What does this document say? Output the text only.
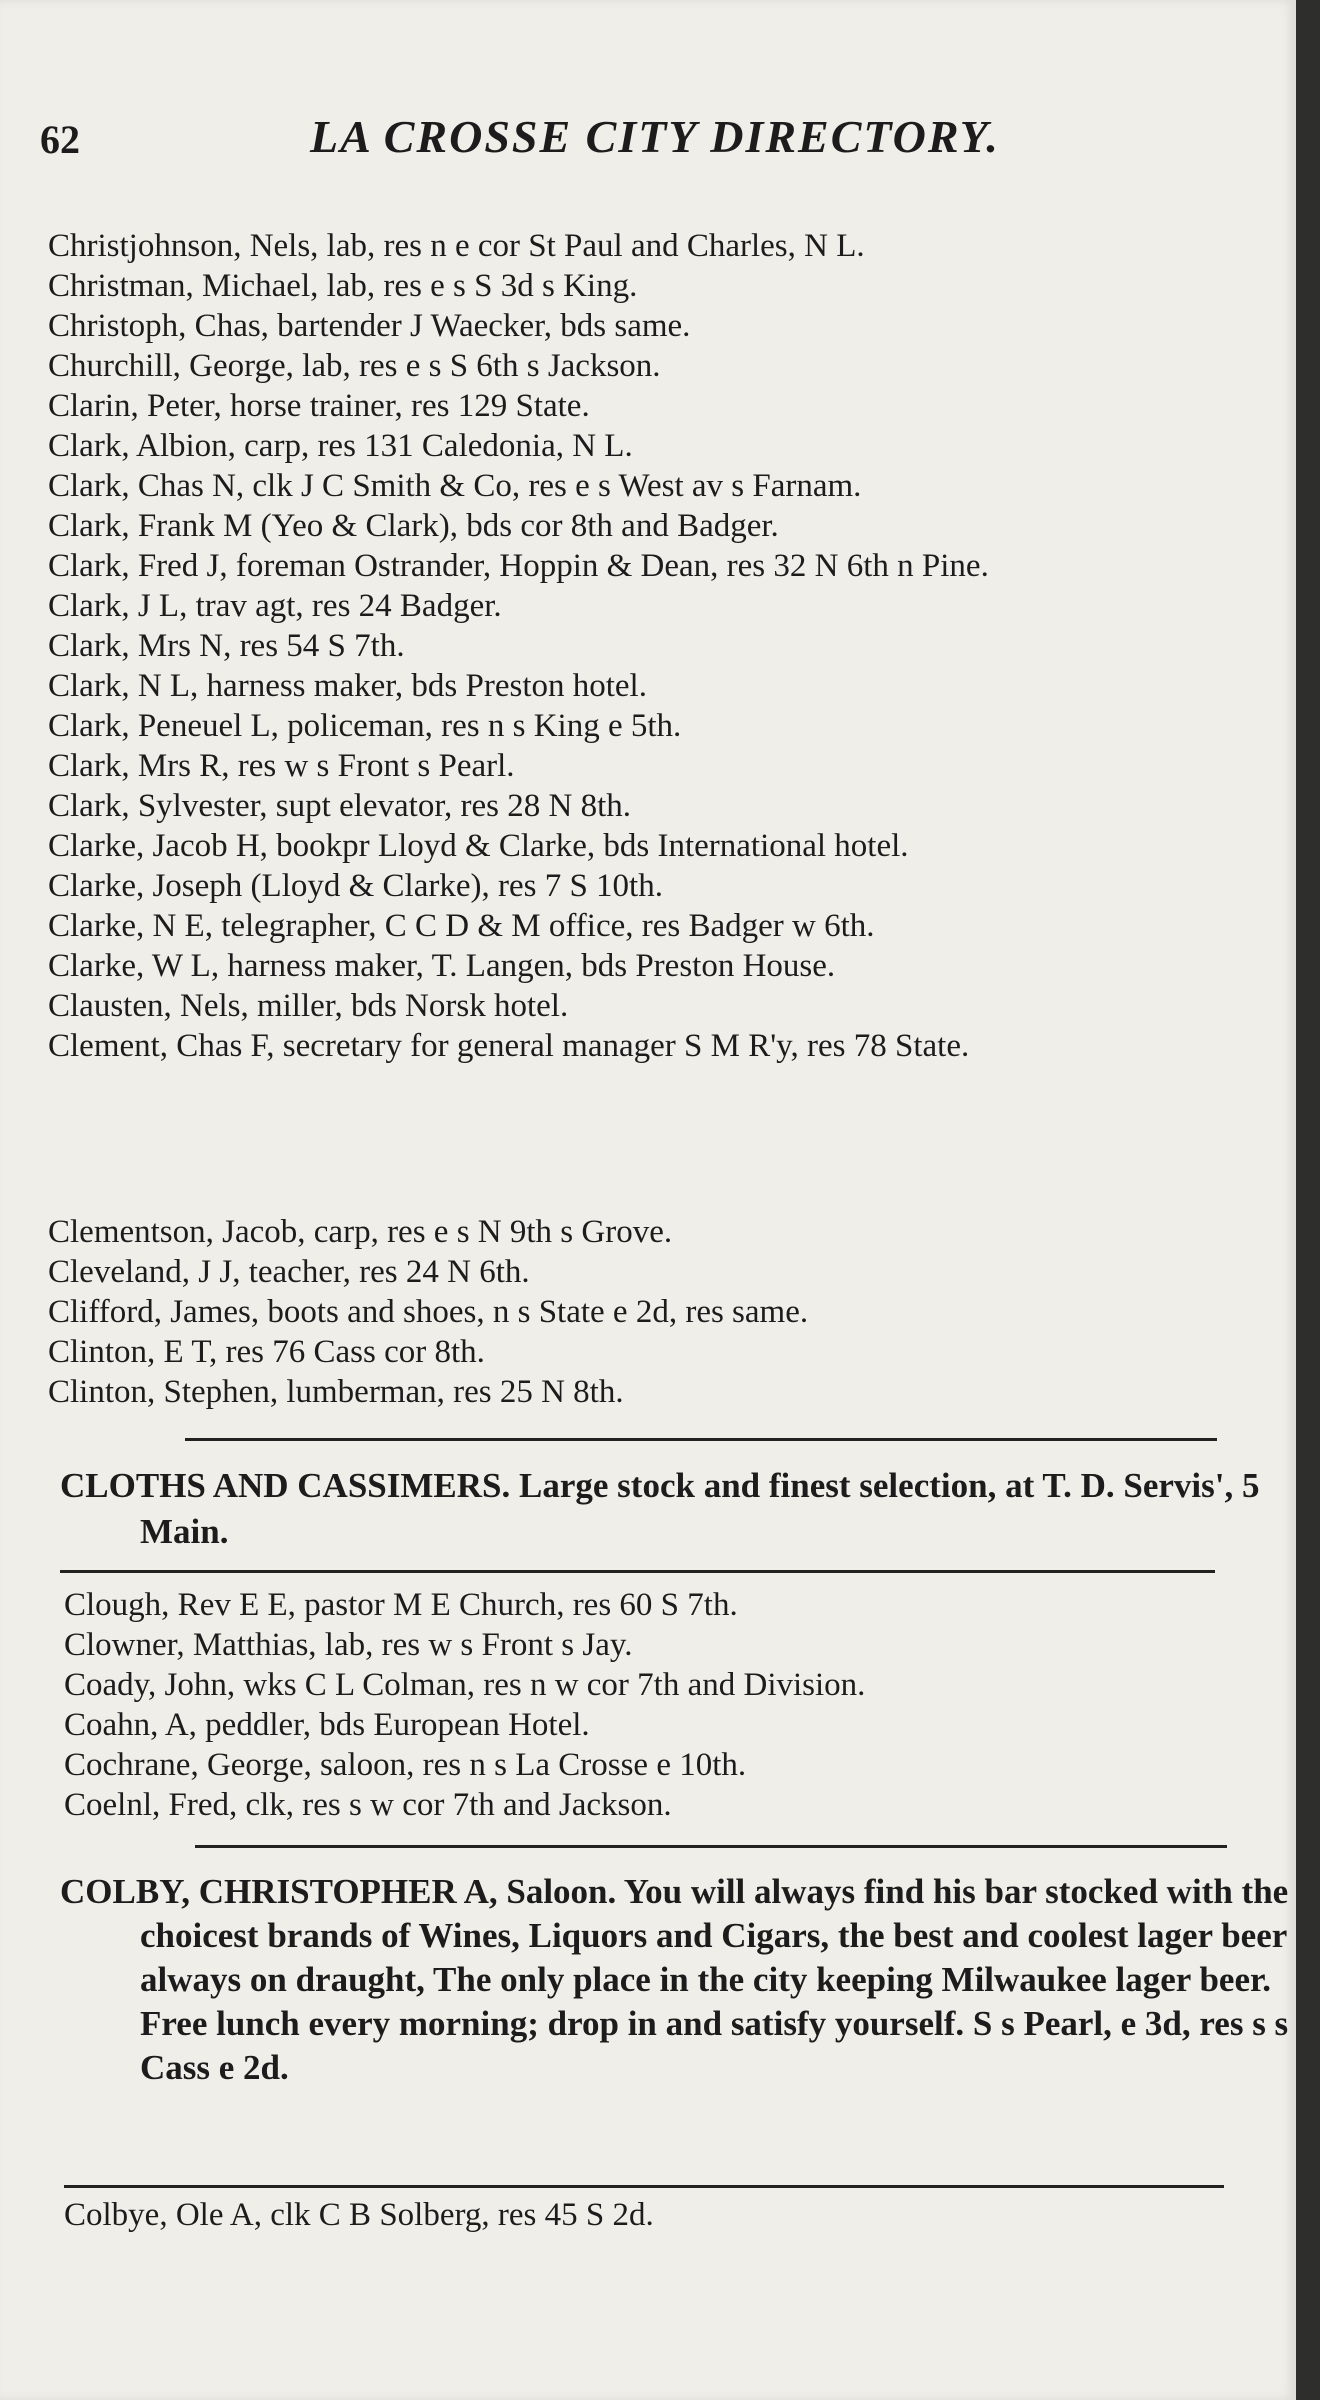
62	LA CROSSE CITY DIRECTORY.
Christjohnson, Nels, lab, res n e cor St Paul and Charles, N L.
Christman, Michael, lab, res e s S 3d s King.
Christoph, Chas, bartender J Waecker, bds same.
Churchill, George, lab, res e s S 6th s Jackson.
Clarin, Peter, horse trainer, res 129 State.
Clark, Albion, carp, res 131 Caledonia, N L.
Clark, Chas N, clk J C Smith & Co, res e s West av s Farnam.
Clark, Frank M (Yeo & Clark), bds cor 8th and Badger.
Clark, Fred J, foreman Ostrander, Hoppin & Dean, res 32 N 6th n Pine.
Clark, J L, trav agt, res 24 Badger.
Clark, Mrs N, res 54 S 7th.
Clark, N L, harness maker, bds Preston hotel.
Clark, Peneuel L, policeman, res n s King e 5th.
Clark, Mrs R, res w s Front s Pearl.
Clark, Sylvester, supt elevator, res 28 N 8th.
Clarke, Jacob H, bookpr Lloyd & Clarke, bds International hotel.
Clarke, Joseph (Lloyd & Clarke), res 7 S 10th.
Clarke, N E, telegrapher, C C D & M office, res Badger w 6th.
Clarke, W L, harness maker, T. Langen, bds Preston House.
Clausten, Nels, miller, bds Norsk hotel.
Clement, Chas F, secretary for general manager S M R'y, res 78 State.
Clementson, Jacob, carp, res e s N 9th s Grove.
Cleveland, J J, teacher, res 24 N 6th.
Clifford, James, boots and shoes, n s State e 2d, res same.
Clinton, E T, res 76 Cass cor 8th.
Clinton, Stephen, lumberman, res 25 N 8th.
CLOTHS AND CASSIMERS. Large stock and finest selection, at T. D. Servis', 5 Main.
Clough, Rev E E, pastor M E Church, res 60 S 7th.
Clowner, Matthias, lab, res w s Front s Jay.
Coady, John, wks C L Colman, res n w cor 7th and Division.
Coahn, A, peddler, bds European Hotel.
Cochrane, George, saloon, res n s La Crosse e 10th.
Coelnl, Fred, clk, res s w cor 7th and Jackson.
COLBY, CHRISTOPHER A, Saloon. You will always find his bar stocked with the choicest brands of Wines, Liquors and Cigars, the best and coolest lager beer always on draught, The only place in the city keeping Milwaukee lager beer. Free lunch every morning; drop in and satisfy yourself. S s Pearl, e 3d, res s s Cass e 2d.
Colbye, Ole A, clk C B Solberg, res 45 S 2d.
